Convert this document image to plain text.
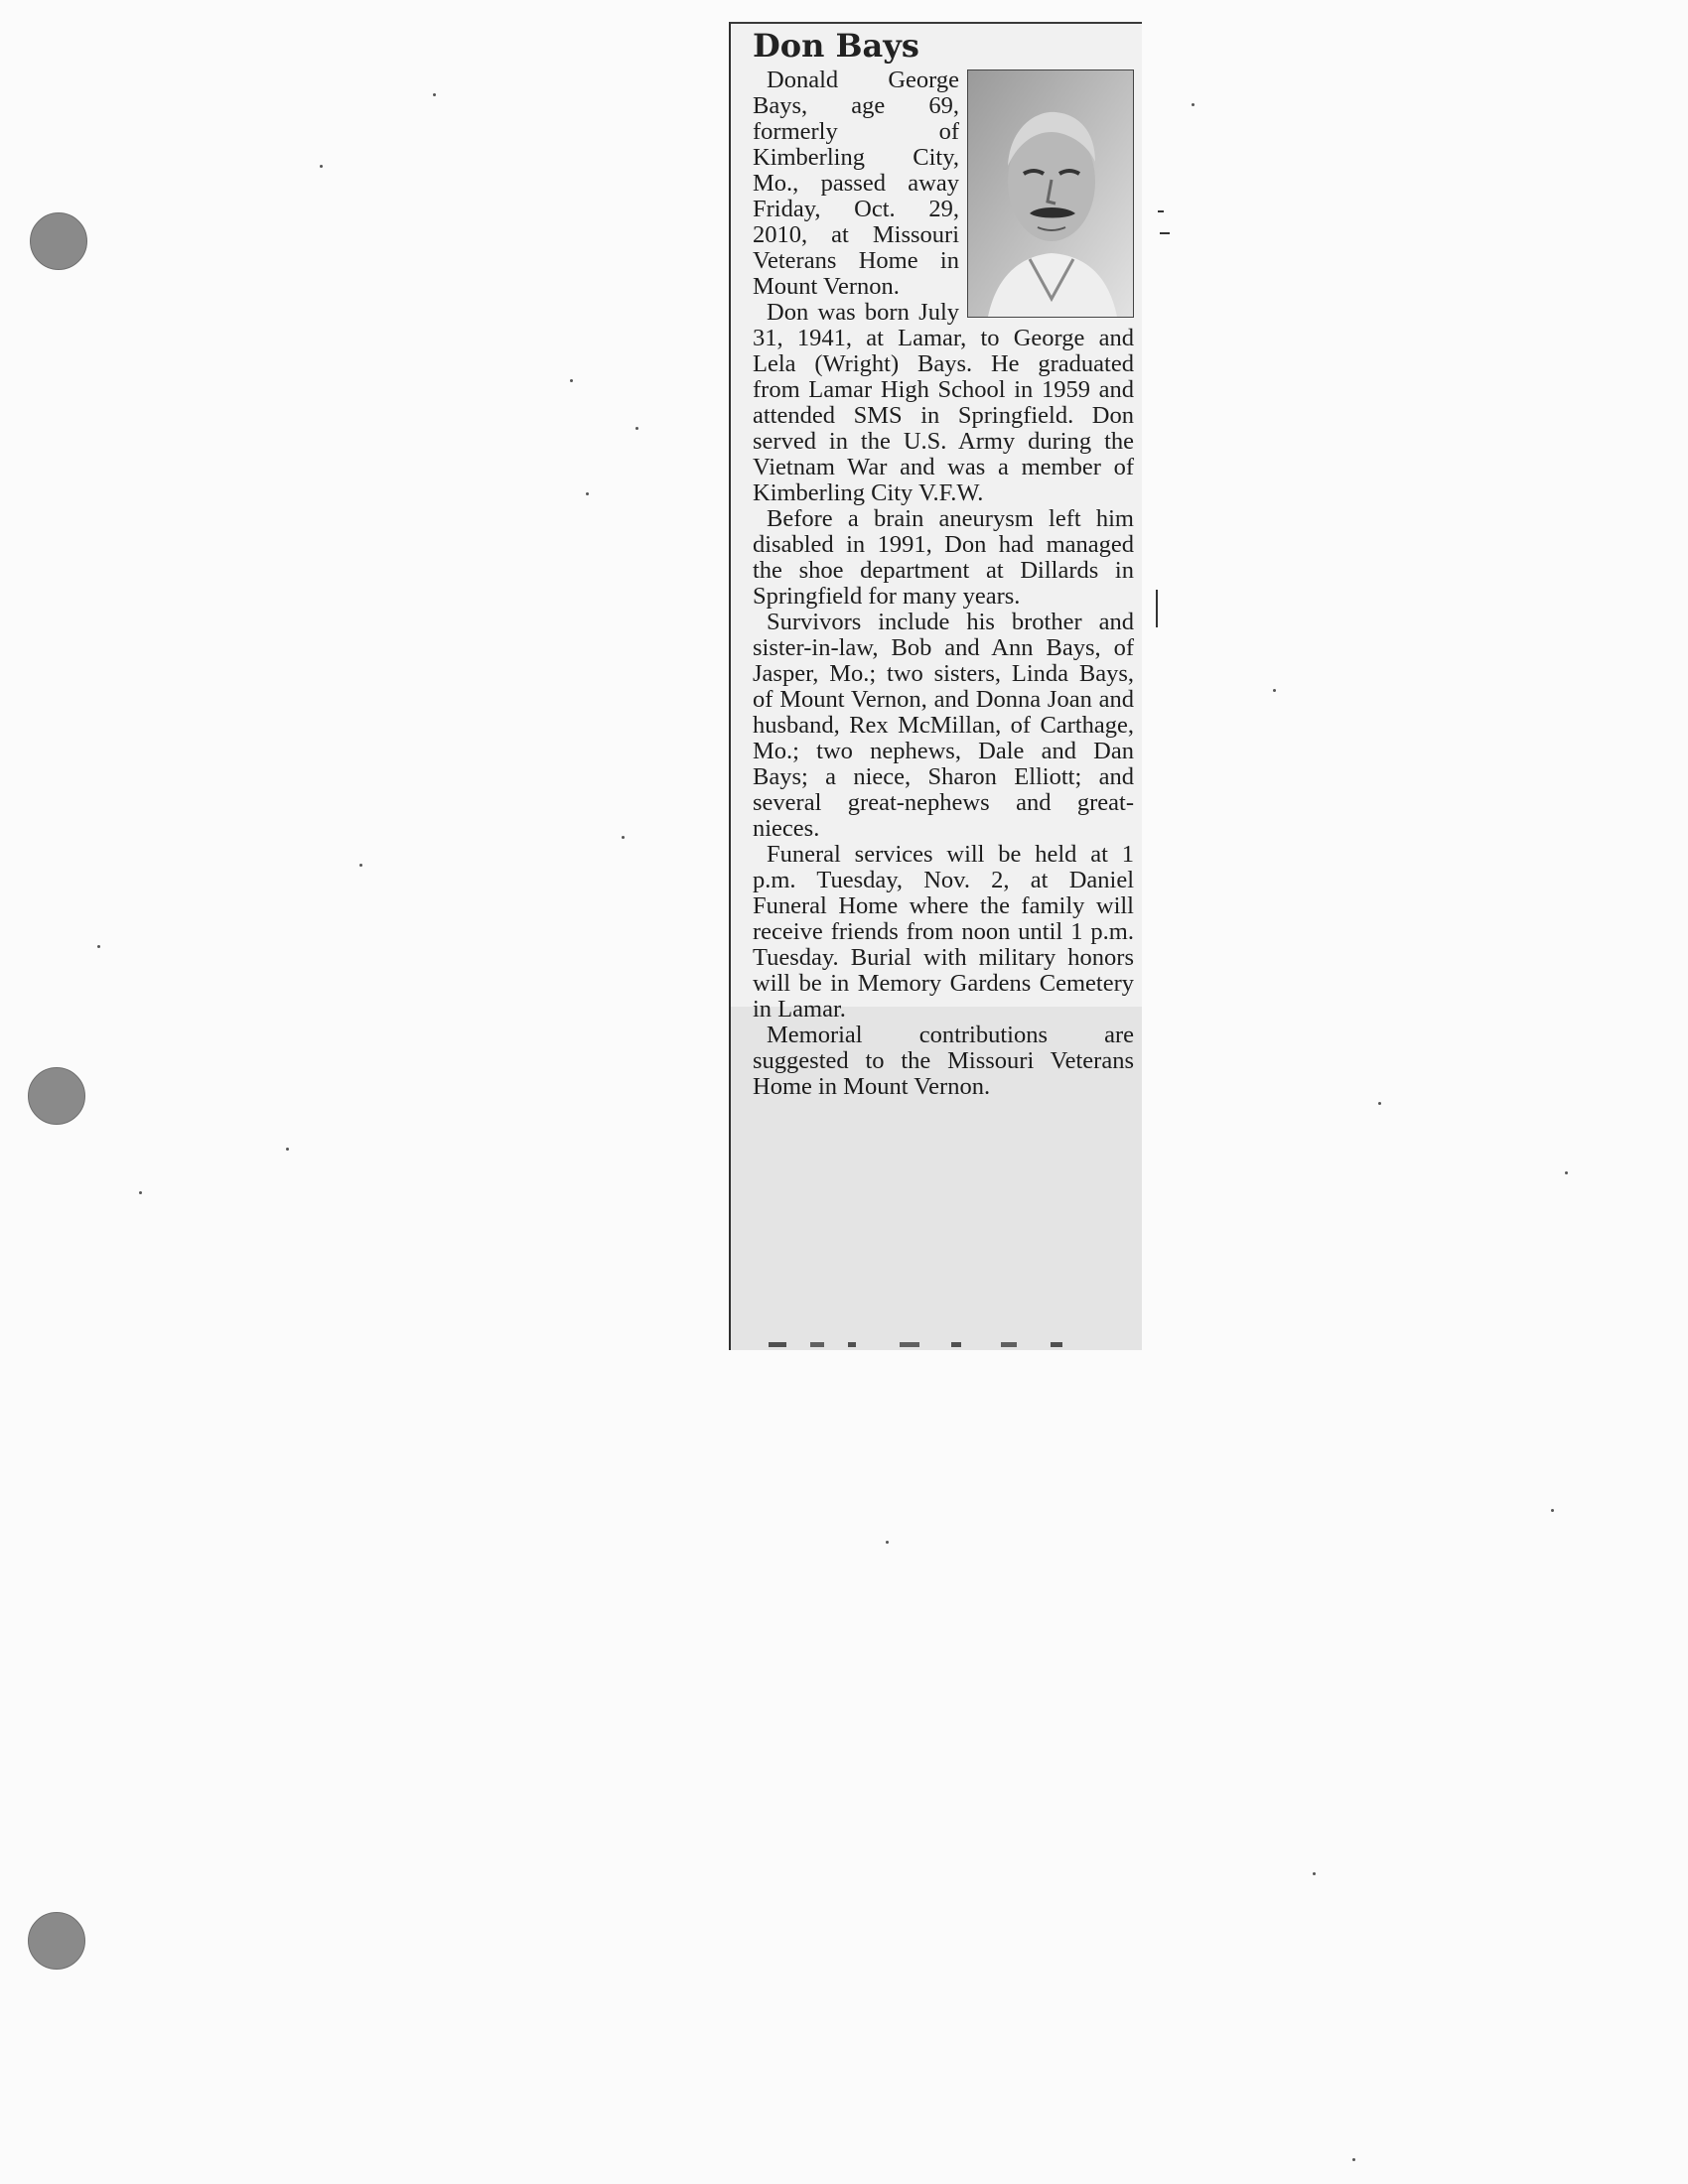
Don Bays

Donald George Bays, age 69, formerly of Kimberling City, Mo., passed away Friday, Oct. 29, 2010, at Missouri Veterans Home in Mount Vernon.

Don was born July 31, 1941, at Lamar, to George and Lela (Wright) Bays. He graduated from Lamar High School in 1959 and attended SMS in Springfield. Don served in the U.S. Army during the Vietnam War and was a member of Kimberling City V.F.W.

Before a brain aneurysm left him disabled in 1991, Don had managed the shoe department at Dillards in Springfield for many years.

Survivors include his brother and sister-in-law, Bob and Ann Bays, of Jasper, Mo.; two sisters, Linda Bays, of Mount Vernon, and Donna Joan and husband, Rex McMillan, of Carthage, Mo.; two nephews, Dale and Dan Bays; a niece, Sharon Elliott; and several great-nephews and great-nieces.

Funeral services will be held at 1 p.m. Tuesday, Nov. 2, at Daniel Funeral Home where the family will receive friends from noon until 1 p.m. Tuesday. Burial with military honors will be in Memory Gardens Cemetery in Lamar.

Memorial contributions are suggested to the Missouri Veterans Home in Mount Vernon.
